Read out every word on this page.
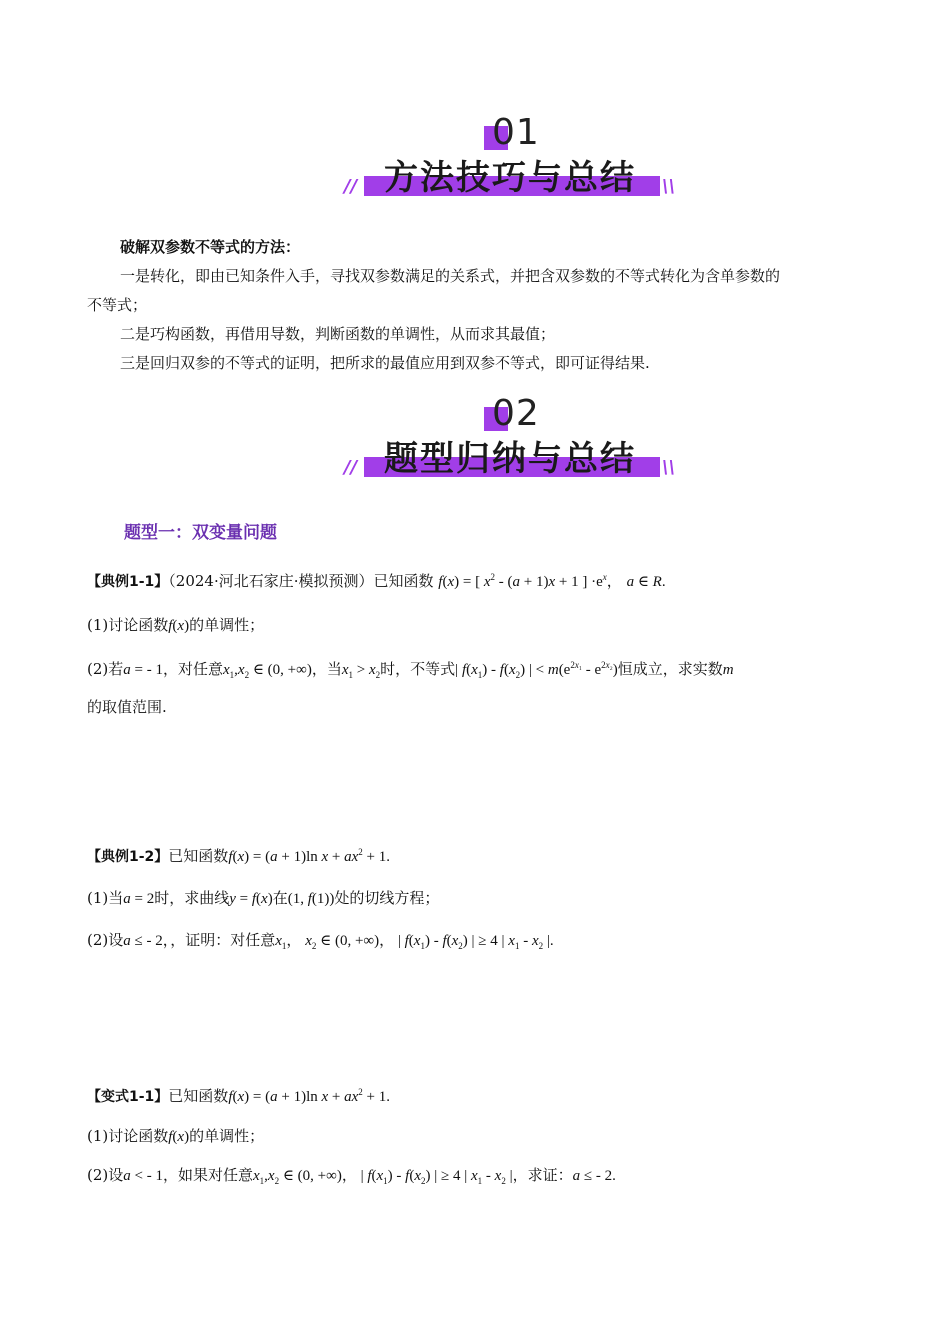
01
//	\\
方法技巧与总结
破解双参数不等式的方法：
一是转化，即由已知条件入手，寻找双参数满足的关系式，并把含双参数的不等式转化为含单参数的
不等式；
二是巧构函数，再借用导数，判断函数的单调性，从而求其最值；
三是回归双参的不等式的证明，把所求的最值应用到双参不等式，即可证得结果.
02
//	\\
题型归纳与总结
题型一：双变量问题
【典例1-1】（2024·河北石家庄·模拟预测）已知函数 f(x) = [ $x^2 - (a + 1)x + 1$ ] $\cdot e^x$， a ∈ R.
(1)讨论函数f(x)的单调性；
(2)若a = - 1，对任意$x_1,x_2$ ∈ (0, +∞)，当$x_1 > x_2$时，不等式| $f(x_1) - f(x_2)$ | < $m(e^{2x_1} - e^{2x_2})$恒成立，求实数m
的取值范围.
【典例1-2】已知函数f(x) = (a + 1)ln $x + ax^2 + 1$.
(1)当a = 2时，求曲线y = f(x)在(1, f(1))处的切线方程；
(2)设a ≤ - 2，，证明：对任意$x_1$， $x_2$ ∈ (0, +∞)， | $f(x_1) - f(x_2)$ | ≥ 4 | $x_1 - x_2$ |.
【变式1-1】已知函数f(x) = (a + 1)ln $x + ax^2 + 1$.
(1)讨论函数f(x)的单调性；
(2)设a < - 1，如果对任意$x_1,x_2$ ∈ (0, +∞)， | $f(x_1) - f(x_2)$ | ≥ 4 | $x_1 - x_2$ |，求证：a ≤ - 2.
